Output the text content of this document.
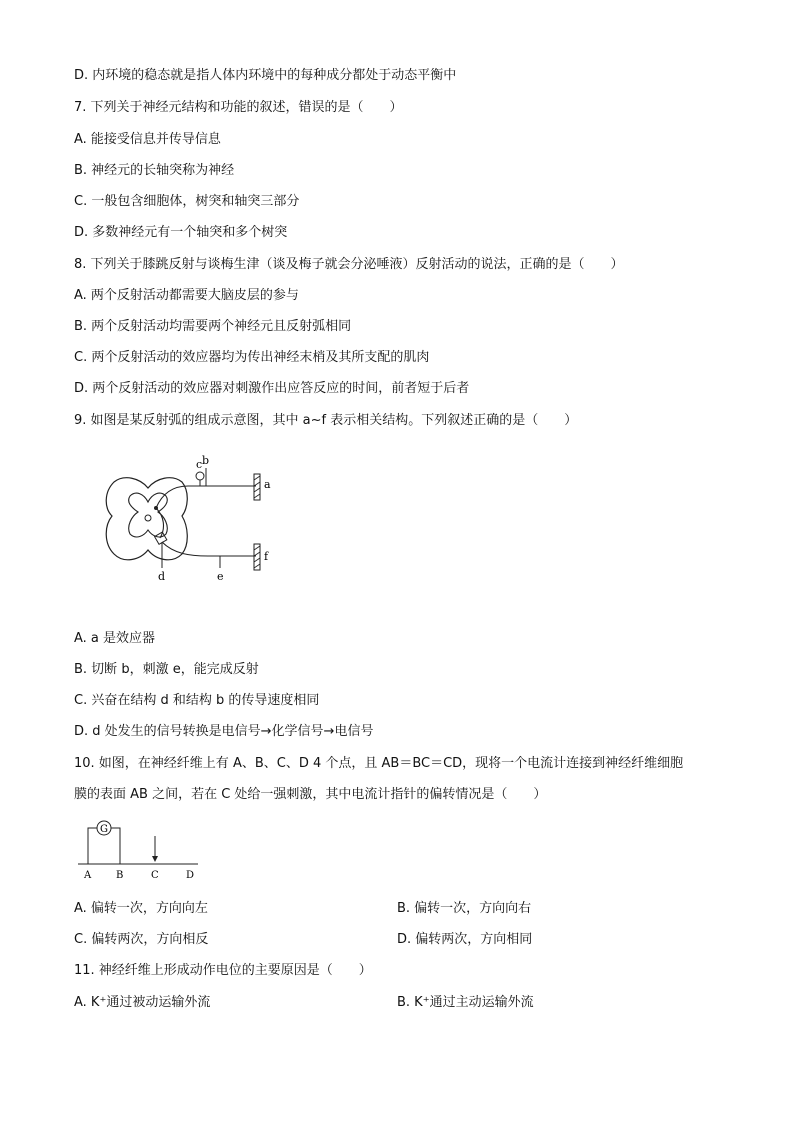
D. 内环境的稳态就是指人体内环境中的每种成分都处于动态平衡中
7. 下列关于神经元结构和功能的叙述，错误的是（　　）
A. 能接受信息并传导信息
B. 神经元的长轴突称为神经
C. 一般包含细胞体，树突和轴突三部分
D. 多数神经元有一个轴突和多个树突
8. 下列关于膝跳反射与谈梅生津（谈及梅子就会分泌唾液）反射活动的说法，正确的是（　　）
A. 两个反射活动都需要大脑皮层的参与
B. 两个反射活动均需要两个神经元且反射弧相同
C. 两个反射活动的效应器均为传出神经末梢及其所支配的肌肉
D. 两个反射活动的效应器对刺激作出应答反应的时间，前者短于后者
9. 如图是某反射弧的组成示意图，其中 a~f 表示相关结构。下列叙述正确的是（　　）
a
b
c
d	e
f
A. a 是效应器
B. 切断 b，刺激 e，能完成反射
C. 兴奋在结构 d 和结构 b 的传导速度相同
D. d 处发生的信号转换是电信号→化学信号→电信号
10. 如图，在神经纤维上有 A、B、C、D 4 个点，且 AB＝BC＝CD，现将一个电流计连接到神经纤维细胞
膜的表面 AB 之间，若在 C 处给一强刺激，其中电流计指针的偏转情况是（　　）
G
A B	C	D
A. 偏转一次，方向向左	B. 偏转一次，方向向右
C. 偏转两次，方向相反	D. 偏转两次，方向相同
11. 神经纤维上形成动作电位的主要原因是（　　）
A. K⁺通过被动运输外流	B. K⁺通过主动运输外流
